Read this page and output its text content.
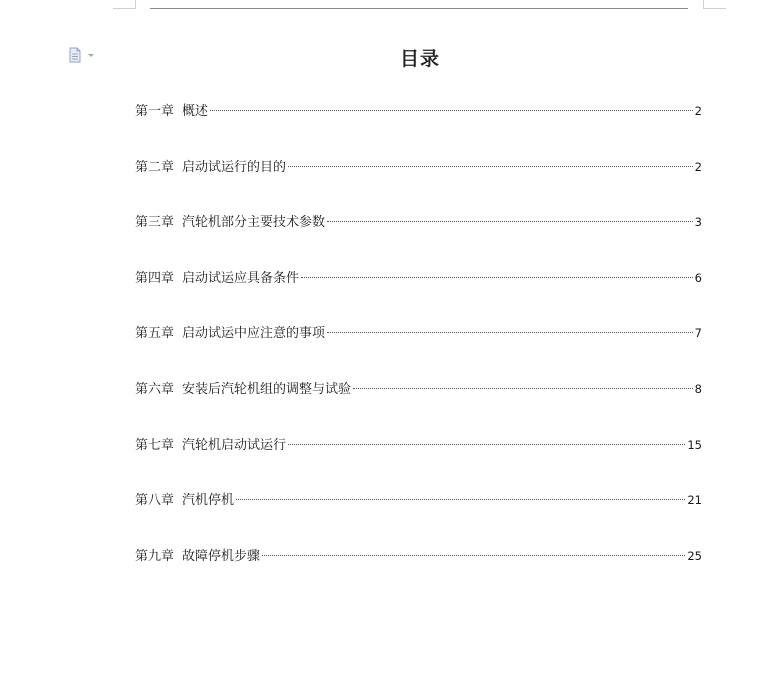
目录
第一章 概述	2
第二章 启动试运行的目的	2
第三章 汽轮机部分主要技术参数	3
第四章 启动试运应具备条件	6
第五章 启动试运中应注意的事项	7
第六章 安装后汽轮机组的调整与试验	8
第七章 汽轮机启动试运行	15
第八章 汽机停机	21
第九章 故障停机步骤	25
